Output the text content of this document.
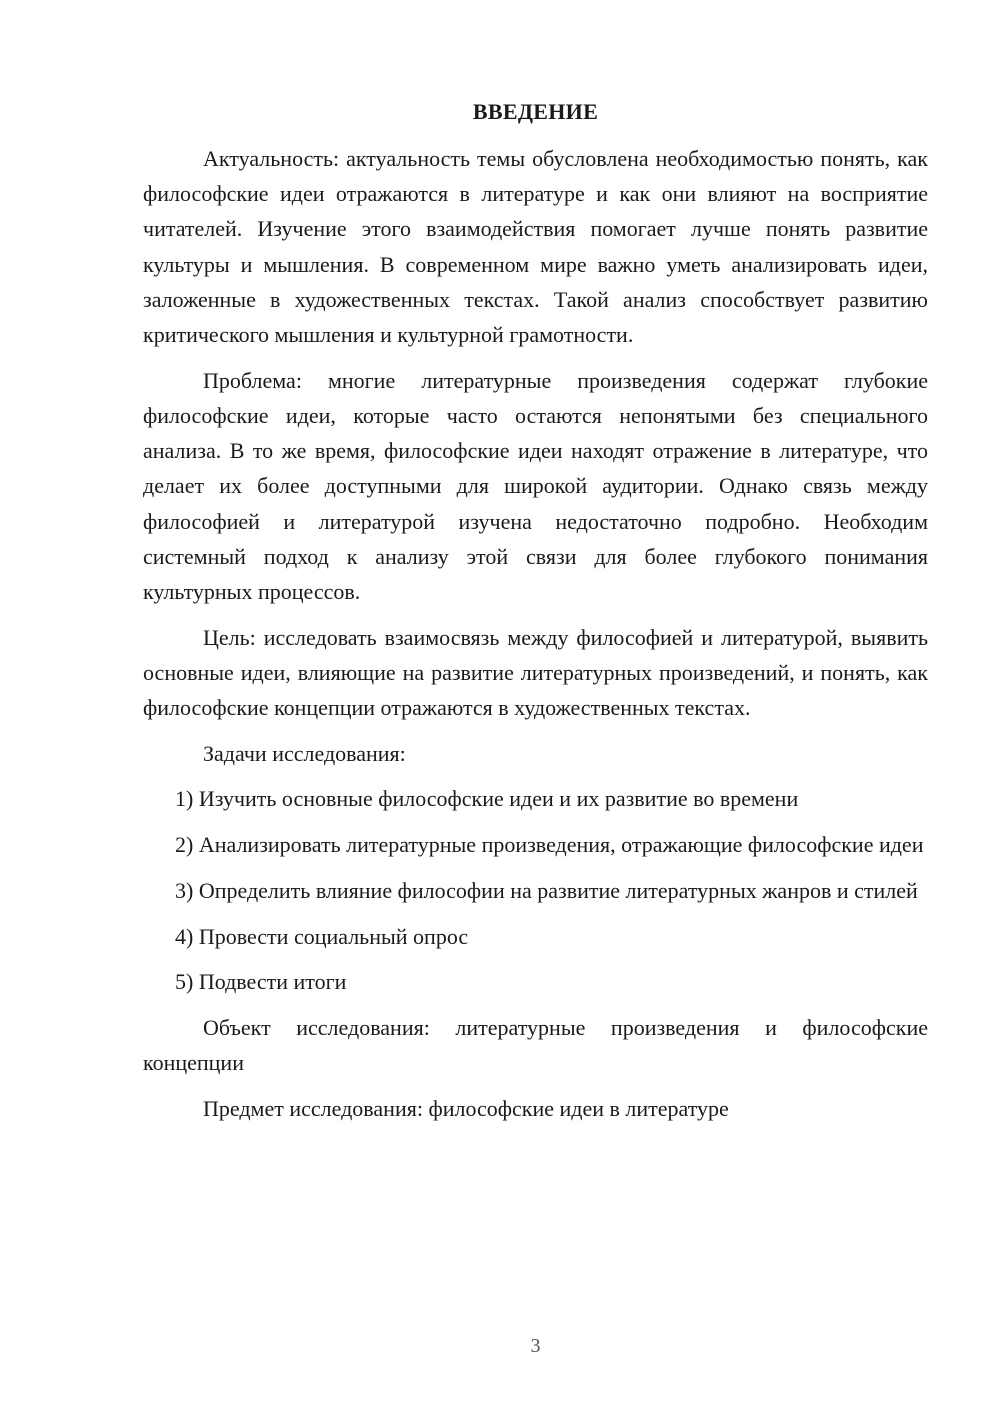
ВВЕДЕНИЕ

Актуальность: актуальность темы обусловлена необходимостью понять, как философские идеи отражаются в литературе и как они влияют на восприятие читателей. Изучение этого взаимодействия помогает лучше понять развитие культуры и мышления. В современном мире важно уметь анализировать идеи, заложенные в художественных текстах. Такой анализ способствует развитию критического мышления и культурной грамотности.

Проблема: многие литературные произведения содержат глубокие философские идеи, которые часто остаются непонятыми без специального анализа. В то же время, философские идеи находят отражение в литературе, что делает их более доступными для широкой аудитории. Однако связь между философией и литературой изучена недостаточно подробно. Необходим системный подход к анализу этой связи для более глубокого понимания культурных процессов.

Цель: исследовать взаимосвязь между философией и литературой, выявить основные идеи, влияющие на развитие литературных произведений, и понять, как философские концепции отражаются в художественных текстах.

Задачи исследования:

1) Изучить основные философские идеи и их развитие во времени

2) Анализировать литературные произведения, отражающие философские идеи

3) Определить влияние философии на развитие литературных жанров и стилей

4) Провести социальный опрос

5) Подвести итоги

Объект исследования: литературные произведения и философские концепции

Предмет исследования: философские идеи в литературе

3
